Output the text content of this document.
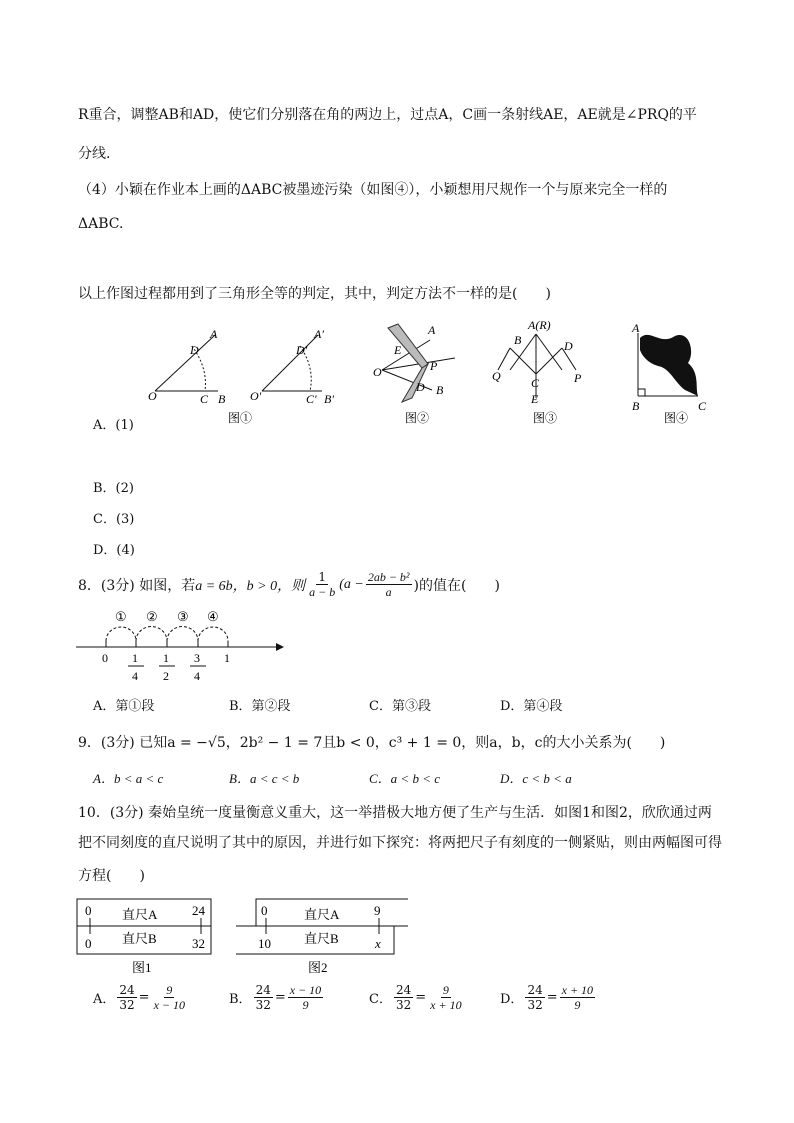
R重合，调整AB和AD，使它们分别落在角的两边上，过点A，C画一条射线AE，AE就是∠PRQ的平
分线.
（4）小颖在作业本上画的ΔABC被墨迹污染（如图④），小颖想用尺规作一个与原来完全一样的
ΔABC.
以上作图过程都用到了三角形全等的判定，其中，判定方法不一样的是(　　)
O	C B
D
A
图①
O′	C′ B′
D′
A′
O
E
A
P
D B
图②
A(R)
B	D
Q	P
C
E
图③
A
B	C
图④
A．(1)
B．(2)
C．(3)
D．(4)
8．(3分) 如图，若 a = 6b，b > 0，则 $\frac{1}{a - b} (a - \frac{\text{2ab − b²}}{a}$ )的值在(　　)
① ② ③ ④
0 1
4
1
2
3
4
1
A．第①段	B．第②段	C．第③段	D．第④段
9．(3分) 已知a = −√5，2b² − 1 = 7且b < 0，c³ + 1 = 0，则a，b，c的大小关系为(　　)
A．b < a < c	B．a < c < b	C．a < b < c	D．c < b < a
10．(3分) 秦始皇统一度量衡意义重大，这一举措极大地方便了生产与生活．如图1和图2，欣欣通过两
把不同刻度的直尺说明了其中的原因，并进行如下探究：将两把尺子有刻度的一侧紧贴，则由两幅图可得
方程(　　)
0	24
0	32
直尺A
直尺B
图1
0	9
10	x
直尺A
直尺B
图2
A． $\frac{24}{32} = \frac{9}{x - 10}$	B． $\frac{24}{32} = \frac{x - 10}{9}$	C． $\frac{24}{32} = \frac{9}{x + 10}$	D． $\frac{24}{32} = \frac{x + 10}{9}$
